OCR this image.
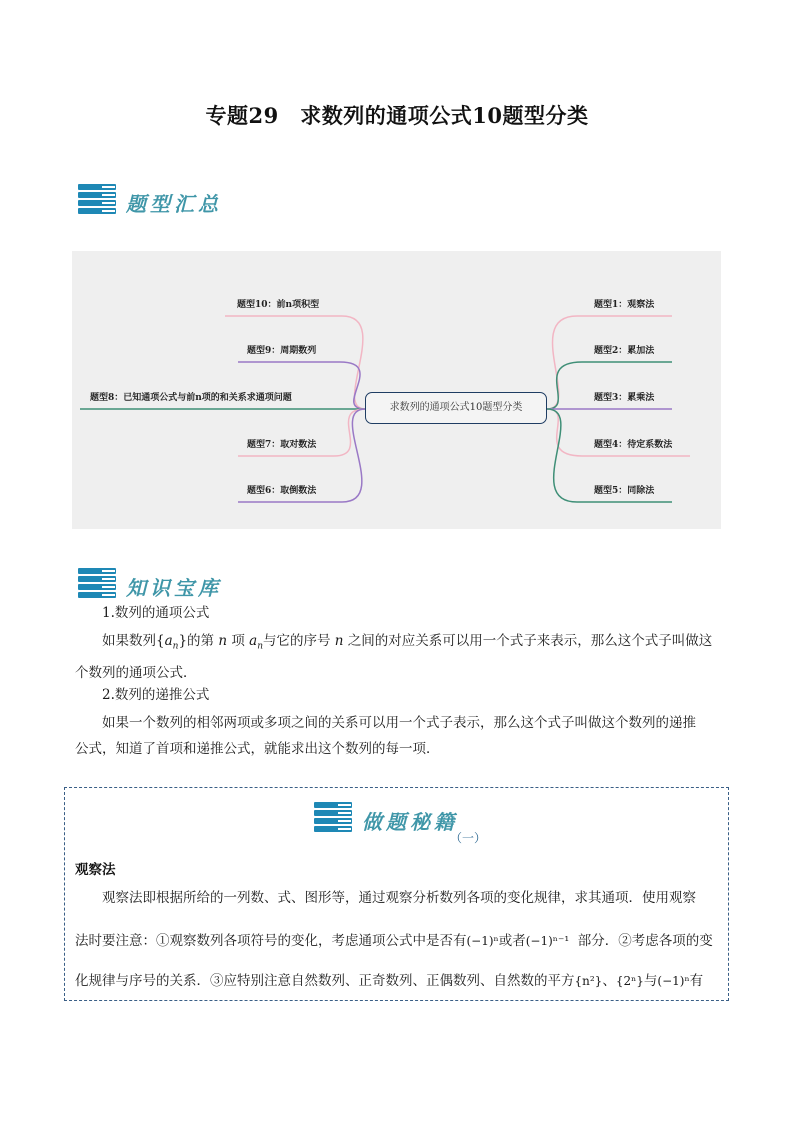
专题29　求数列的通项公式10题型分类
题型汇总
求数列的通项公式10题型分类
题型10：前n项积型
题型9：周期数列
题型8：已知通项公式与前n项的和关系求通项问题
题型7：取对数法
题型6：取倒数法
题型1：观察法
题型2：累加法
题型3：累乘法
题型4：待定系数法
题型5：同除法
知识宝库
1.数列的通项公式
如果数列$\{a_n\}$的第 n 项 $a_n$与它的序号 n 之间的对应关系可以用一个式子来表示，那么这个式子叫做这
个数列的通项公式．
2.数列的递推公式
如果一个数列的相邻两项或多项之间的关系可以用一个式子表示，那么这个式子叫做这个数列的递推
公式，知道了首项和递推公式，就能求出这个数列的每一项．
做题秘籍
（一）
观察法
观察法即根据所给的一列数、式、图形等，通过观察分析数列各项的变化规律，求其通项．使用观察
法时要注意：①观察数列各项符号的变化，考虑通项公式中是否有(−1)ⁿ或者(−1)ⁿ⁻¹ 部分．②考虑各项的变
化规律与序号的关系．③应特别注意自然数列、正奇数列、正偶数列、自然数的平方{n²}、{2ⁿ}与(−1)ⁿ有
